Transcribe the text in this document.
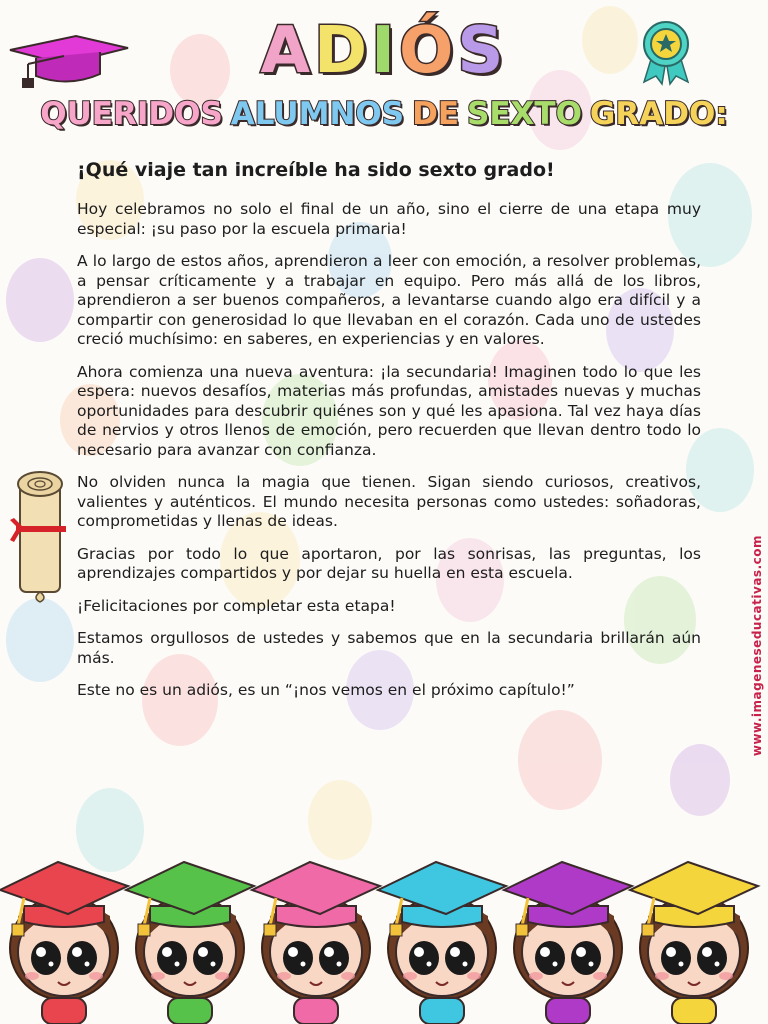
ADIÓS
QUERIDOS ALUMNOS DE SEXTO GRADO:

¡Qué viaje tan increíble ha sido sexto grado!

Hoy celebramos no solo el final de un año, sino el cierre de una etapa muy especial: ¡su paso por la escuela primaria!

A lo largo de estos años, aprendieron a leer con emoción, a resolver problemas, a pensar críticamente y a trabajar en equipo. Pero más allá de los libros, aprendieron a ser buenos compañeros, a levantarse cuando algo era difícil y a compartir con generosidad lo que llevaban en el corazón. Cada uno de ustedes creció muchísimo: en saberes, en experiencias y en valores.

Ahora comienza una nueva aventura: ¡la secundaria! Imaginen todo lo que les espera: nuevos desafíos, materias más profundas, amistades nuevas y muchas oportunidades para descubrir quiénes son y qué les apasiona. Tal vez haya días de nervios y otros llenos de emoción, pero recuerden que llevan dentro todo lo necesario para avanzar con confianza.

No olviden nunca la magia que tienen. Sigan siendo curiosos, creativos, valientes y auténticos. El mundo necesita personas como ustedes: soñadoras, comprometidas y llenas de ideas.

Gracias por todo lo que aportaron, por las sonrisas, las preguntas, los aprendizajes compartidos y por dejar su huella en esta escuela.

¡Felicitaciones por completar esta etapa!

Estamos orgullosos de ustedes y sabemos que en la secundaria brillarán aún más.

Este no es un adiós, es un “¡nos vemos en el próximo capítulo!”	www.imageneseducativas.com
